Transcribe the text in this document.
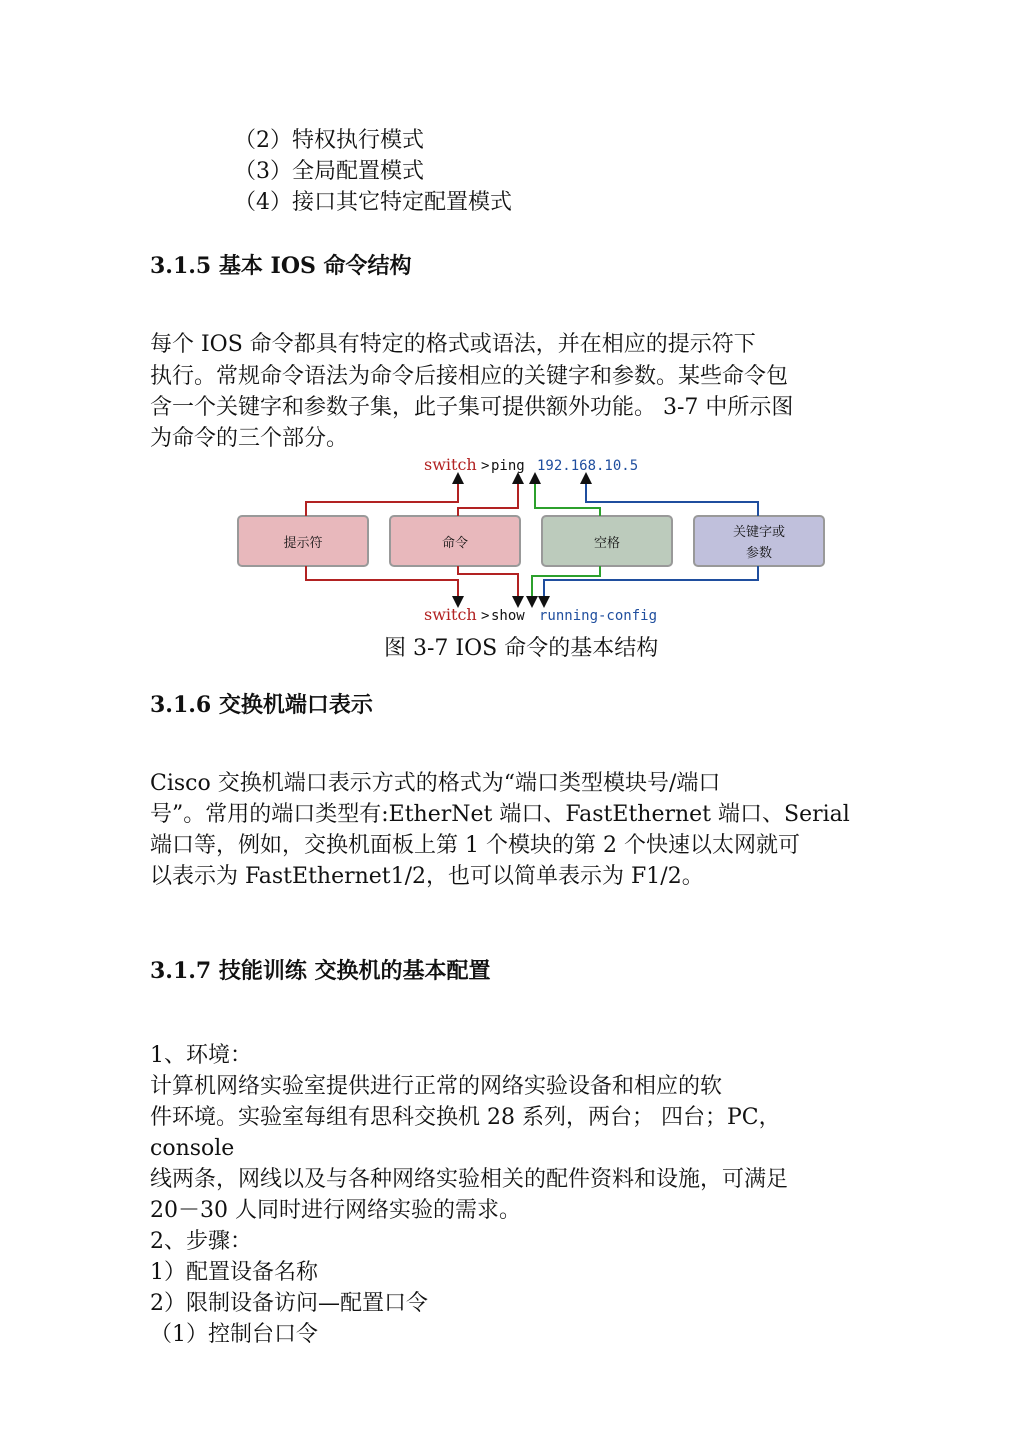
（2）特权执行模式
（3）全局配置模式
（4）接口其它特定配置模式
3.1.5 基本 IOS 命令结构
每个 IOS 命令都具有特定的格式或语法，并在相应的提示符下
执行。常规命令语法为命令后接相应的关键字和参数。某些命令包
含一个关键字和参数子集，此子集可提供额外功能。 3-7 中所示图
为命令的三个部分。
switch > ping 192.168.10.5
switch > show running-config
提示符	命令	空格
关键字或
参数
图 3-7 IOS 命令的基本结构
3.1.6 交换机端口表示
Cisco 交换机端口表示方式的格式为“端口类型模块号/端口
号”。常用的端口类型有:EtherNet 端口、FastEthernet 端口、Serial
端口等，例如，交换机面板上第 1 个模块的第 2 个快速以太网就可
以表示为 FastEthernet1/2，也可以简单表示为 F1/2。
3.1.7 技能训练 交换机的基本配置
1、环境：
计算机网络实验室提供进行正常的网络实验设备和相应的软
件环境。实验室每组有思科交换机 28 系列，两台； 四台；PC，
console
线两条，网线以及与各种网络实验相关的配件资料和设施，可满足
20－30 人同时进行网络实验的需求。
2、步骤：
1）配置设备名称
2）限制设备访问—配置口令
（1）控制台口令
